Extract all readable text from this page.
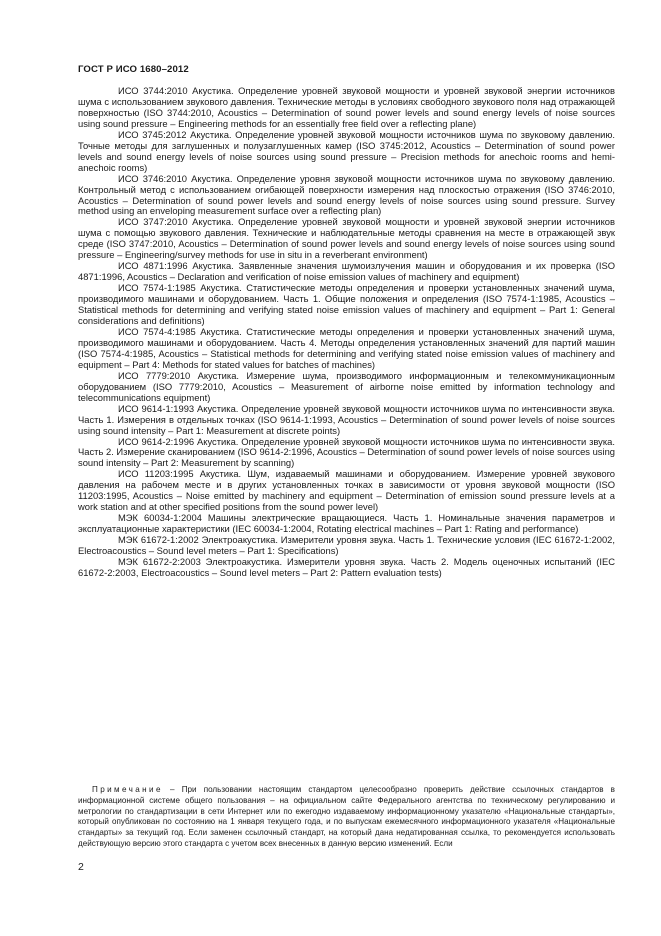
ГОСТ Р ИСО 1680–2012

ИСО 3744:2010 Акустика. Определение уровней звуковой мощности и уровней звуковой энергии источников шума с использованием звукового давления. Технические методы в условиях свободного звукового поля над отражающей поверхностью (ISO 3744:2010, Acoustics – Determination of sound power levels and sound energy levels of noise sources using sound pressure – Engineering methods for an essentially free field over a reflecting plane)

ИСО 3745:2012 Акустика. Определение уровней звуковой мощности источников шума по звуковому давлению. Точные методы для заглушенных и полузаглушенных камер (ISO 3745:2012, Acoustics – Determination of sound power levels and sound energy levels of noise sources using sound pressure – Precision methods for anechoic rooms and hemi-anechoic rooms)

ИСО 3746:2010 Акустика. Определение уровня звуковой мощности источников шума по звуковому давлению. Контрольный метод с использованием огибающей поверхности измерения над плоскостью отражения (ISO 3746:2010, Acoustics – Determination of sound power levels and sound energy levels of noise sources using sound pressure. Survey method using an enveloping measurement surface over a reflecting plan)

ИСО 3747:2010 Акустика. Определение уровней звуковой мощности и уровней звуковой энергии источников шума с помощью звукового давления. Технические и наблюдательные методы сравнения на месте в отражающей звук среде (ISO 3747:2010, Acoustics – Determination of sound power levels and sound energy levels of noise sources using sound pressure – Engineering/survey methods for use in situ in a reverberant environment)

ИСО 4871:1996 Акустика. Заявленные значения шумоизлучения машин и оборудования и их проверка (ISO 4871:1996, Acoustics – Declaration and verification of noise emission values of machinery and equipment)

ИСО 7574-1:1985 Акустика. Статистические методы определения и проверки установленных значений шума, производимого машинами и оборудованием. Часть 1. Общие положения и определения (ISO 7574-1:1985, Acoustics – Statistical methods for determining and verifying stated noise emission values of machinery and equipment – Part 1: General considerations and definitions)

ИСО 7574-4:1985 Акустика. Статистические методы определения и проверки установленных значений шума, производимого машинами и оборудованием. Часть 4. Методы определения установленных значений для партий машин (ISO 7574-4:1985, Acoustics – Statistical methods for determining and verifying stated noise emission values of machinery and equipment – Part 4: Methods for stated values for batches of machines)

ИСО 7779:2010 Акустика. Измерение шума, производимого информационным и телекоммуникационным оборудованием (ISO 7779:2010, Acoustics – Measurement of airborne noise emitted by information technology and telecommunications equipment)

ИСО 9614-1:1993 Акустика. Определение уровней звуковой мощности источников шума по интенсивности звука. Часть 1. Измерения в отдельных точках (ISO 9614-1:1993, Acoustics – Determination of sound power levels of noise sources using sound intensity – Part 1: Measurement at discrete points)

ИСО 9614-2:1996 Акустика. Определение уровней звуковой мощности источников шума по интенсивности звука. Часть 2. Измерение сканированием (ISO 9614-2:1996, Acoustics – Determination of sound power levels of noise sources using sound intensity – Part 2: Measurement by scanning)

ИСО 11203:1995 Акустика. Шум, издаваемый машинами и оборудованием. Измерение уровней звукового давления на рабочем месте и в других установленных точках в зависимости от уровня звуковой мощности (ISO 11203:1995, Acoustics – Noise emitted by machinery and equipment – Determination of emission sound pressure levels at a work station and at other specified positions from the sound power level)

МЭК 60034-1:2004 Машины электрические вращающиеся. Часть 1. Номинальные значения параметров и эксплуатационные характеристики (IEC 60034-1:2004, Rotating electrical machines – Part 1: Rating and performance)

МЭК 61672-1:2002 Электроакустика. Измерители уровня звука. Часть 1. Технические условия (IEC 61672-1:2002, Electroacoustics – Sound level meters – Part 1: Specifications)

МЭК 61672-2:2003 Электроакустика. Измерители уровня звука. Часть 2. Модель оценочных испытаний (IEC 61672-2:2003, Electroacoustics – Sound level meters – Part 2: Pattern evaluation tests)

Примечание – При пользовании настоящим стандартом целесообразно проверить действие ссылочных стандартов в информационной системе общего пользования – на официальном сайте Федерального агентства по техническому регулированию и метрологии по стандартизации в сети Интернет или по ежегодно издаваемому информационному указателю «Национальные стандарты», который опубликован по состоянию на 1 января текущего года, и по выпускам ежемесячного информационного указателя «Национальные стандарты» за текущий год. Если заменен ссылочный стандарт, на который дана недатированная ссылка, то рекомендуется использовать действующую версию этого стандарта с учетом всех внесенных в данную версию изменений. Если

2
